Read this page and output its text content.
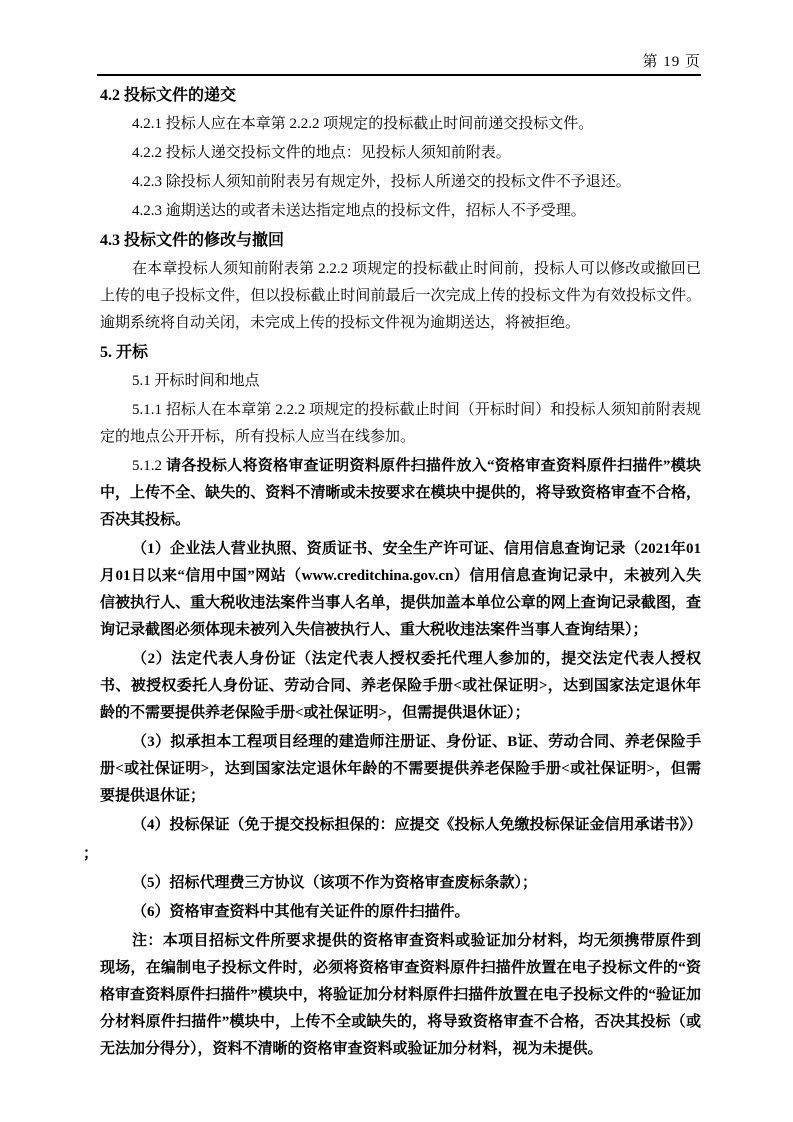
第 19 页
4.2 投标文件的递交
4.2.1 投标人应在本章第 2.2.2 项规定的投标截止时间前递交投标文件。
4.2.2 投标人递交投标文件的地点：见投标人须知前附表。
4.2.3 除投标人须知前附表另有规定外，投标人所递交的投标文件不予退还。
4.2.3 逾期送达的或者未送达指定地点的投标文件，招标人不予受理。
4.3 投标文件的修改与撤回
在本章投标人须知前附表第 2.2.2 项规定的投标截止时间前，投标人可以修改或撤回已上传的电子投标文件，但以投标截止时间前最后一次完成上传的投标文件为有效投标文件。逾期系统将自动关闭，未完成上传的投标文件视为逾期送达，将被拒绝。
5. 开标
5.1 开标时间和地点
5.1.1 招标人在本章第 2.2.2 项规定的投标截止时间（开标时间）和投标人须知前附表规定的地点公开开标，所有投标人应当在线参加。
5.1.2 请各投标人将资格审查证明资料原件扫描件放入“资格审查资料原件扫描件”模块中，上传不全、缺失的、资料不清晰或未按要求在模块中提供的，将导致资格审查不合格，否决其投标。
（1）企业法人营业执照、资质证书、安全生产许可证、信用信息查询记录（2021年01月01日以来“信用中国”网站（www.creditchina.gov.cn）信用信息查询记录中，未被列入失信被执行人、重大税收违法案件当事人名单，提供加盖本单位公章的网上查询记录截图，查询记录截图必须体现未被列入失信被执行人、重大税收违法案件当事人查询结果）；
（2）法定代表人身份证（法定代表人授权委托代理人参加的，提交法定代表人授权书、被授权委托人身份证、劳动合同、养老保险手册<或社保证明>，达到国家法定退休年龄的不需要提供养老保险手册<或社保证明>，但需提供退休证）；
（3）拟承担本工程项目经理的建造师注册证、身份证、B证、劳动合同、养老保险手册<或社保证明>，达到国家法定退休年龄的不需要提供养老保险手册<或社保证明>，但需要提供退休证；
（4）投标保证（免于提交投标担保的：应提交《投标人免缴投标保证金信用承诺书》）
；
（5）招标代理费三方协议（该项不作为资格审查废标条款）；
（6）资格审查资料中其他有关证件的原件扫描件。
注：本项目招标文件所要求提供的资格审查资料或验证加分材料，均无须携带原件到现场，在编制电子投标文件时，必须将资格审查资料原件扫描件放置在电子投标文件的“资格审查资料原件扫描件”模块中，将验证加分材料原件扫描件放置在电子投标文件的“验证加分材料原件扫描件”模块中，上传不全或缺失的，将导致资格审查不合格，否决其投标（或无法加分得分），资料不清晰的资格审查资料或验证加分材料，视为未提供。
